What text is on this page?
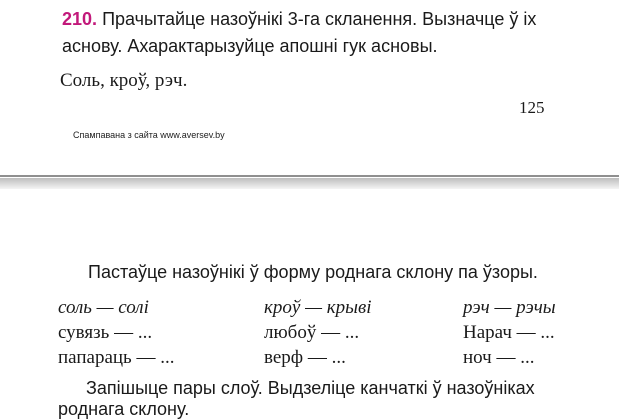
210. Прачытайце назоўнікі 3-га скланення. Вызначце ў іх
аснову. Ахарактарызуйце апошні гук асновы.
Соль, кроў, рэч.
125
Спампавана з сайта www.aversev.by
Пастаўце назоўнікі ў форму роднага склону па ўзоры.
соль — солі	кроў — крыві	рэч — рэчы
сувязь — ...	любоў — ...	Нарач — ...
папараць — ...	верф — ...	ноч — ...
Запішыце пары слоў. Выдзеліце канчаткі ў назоўніках
роднага склону.
